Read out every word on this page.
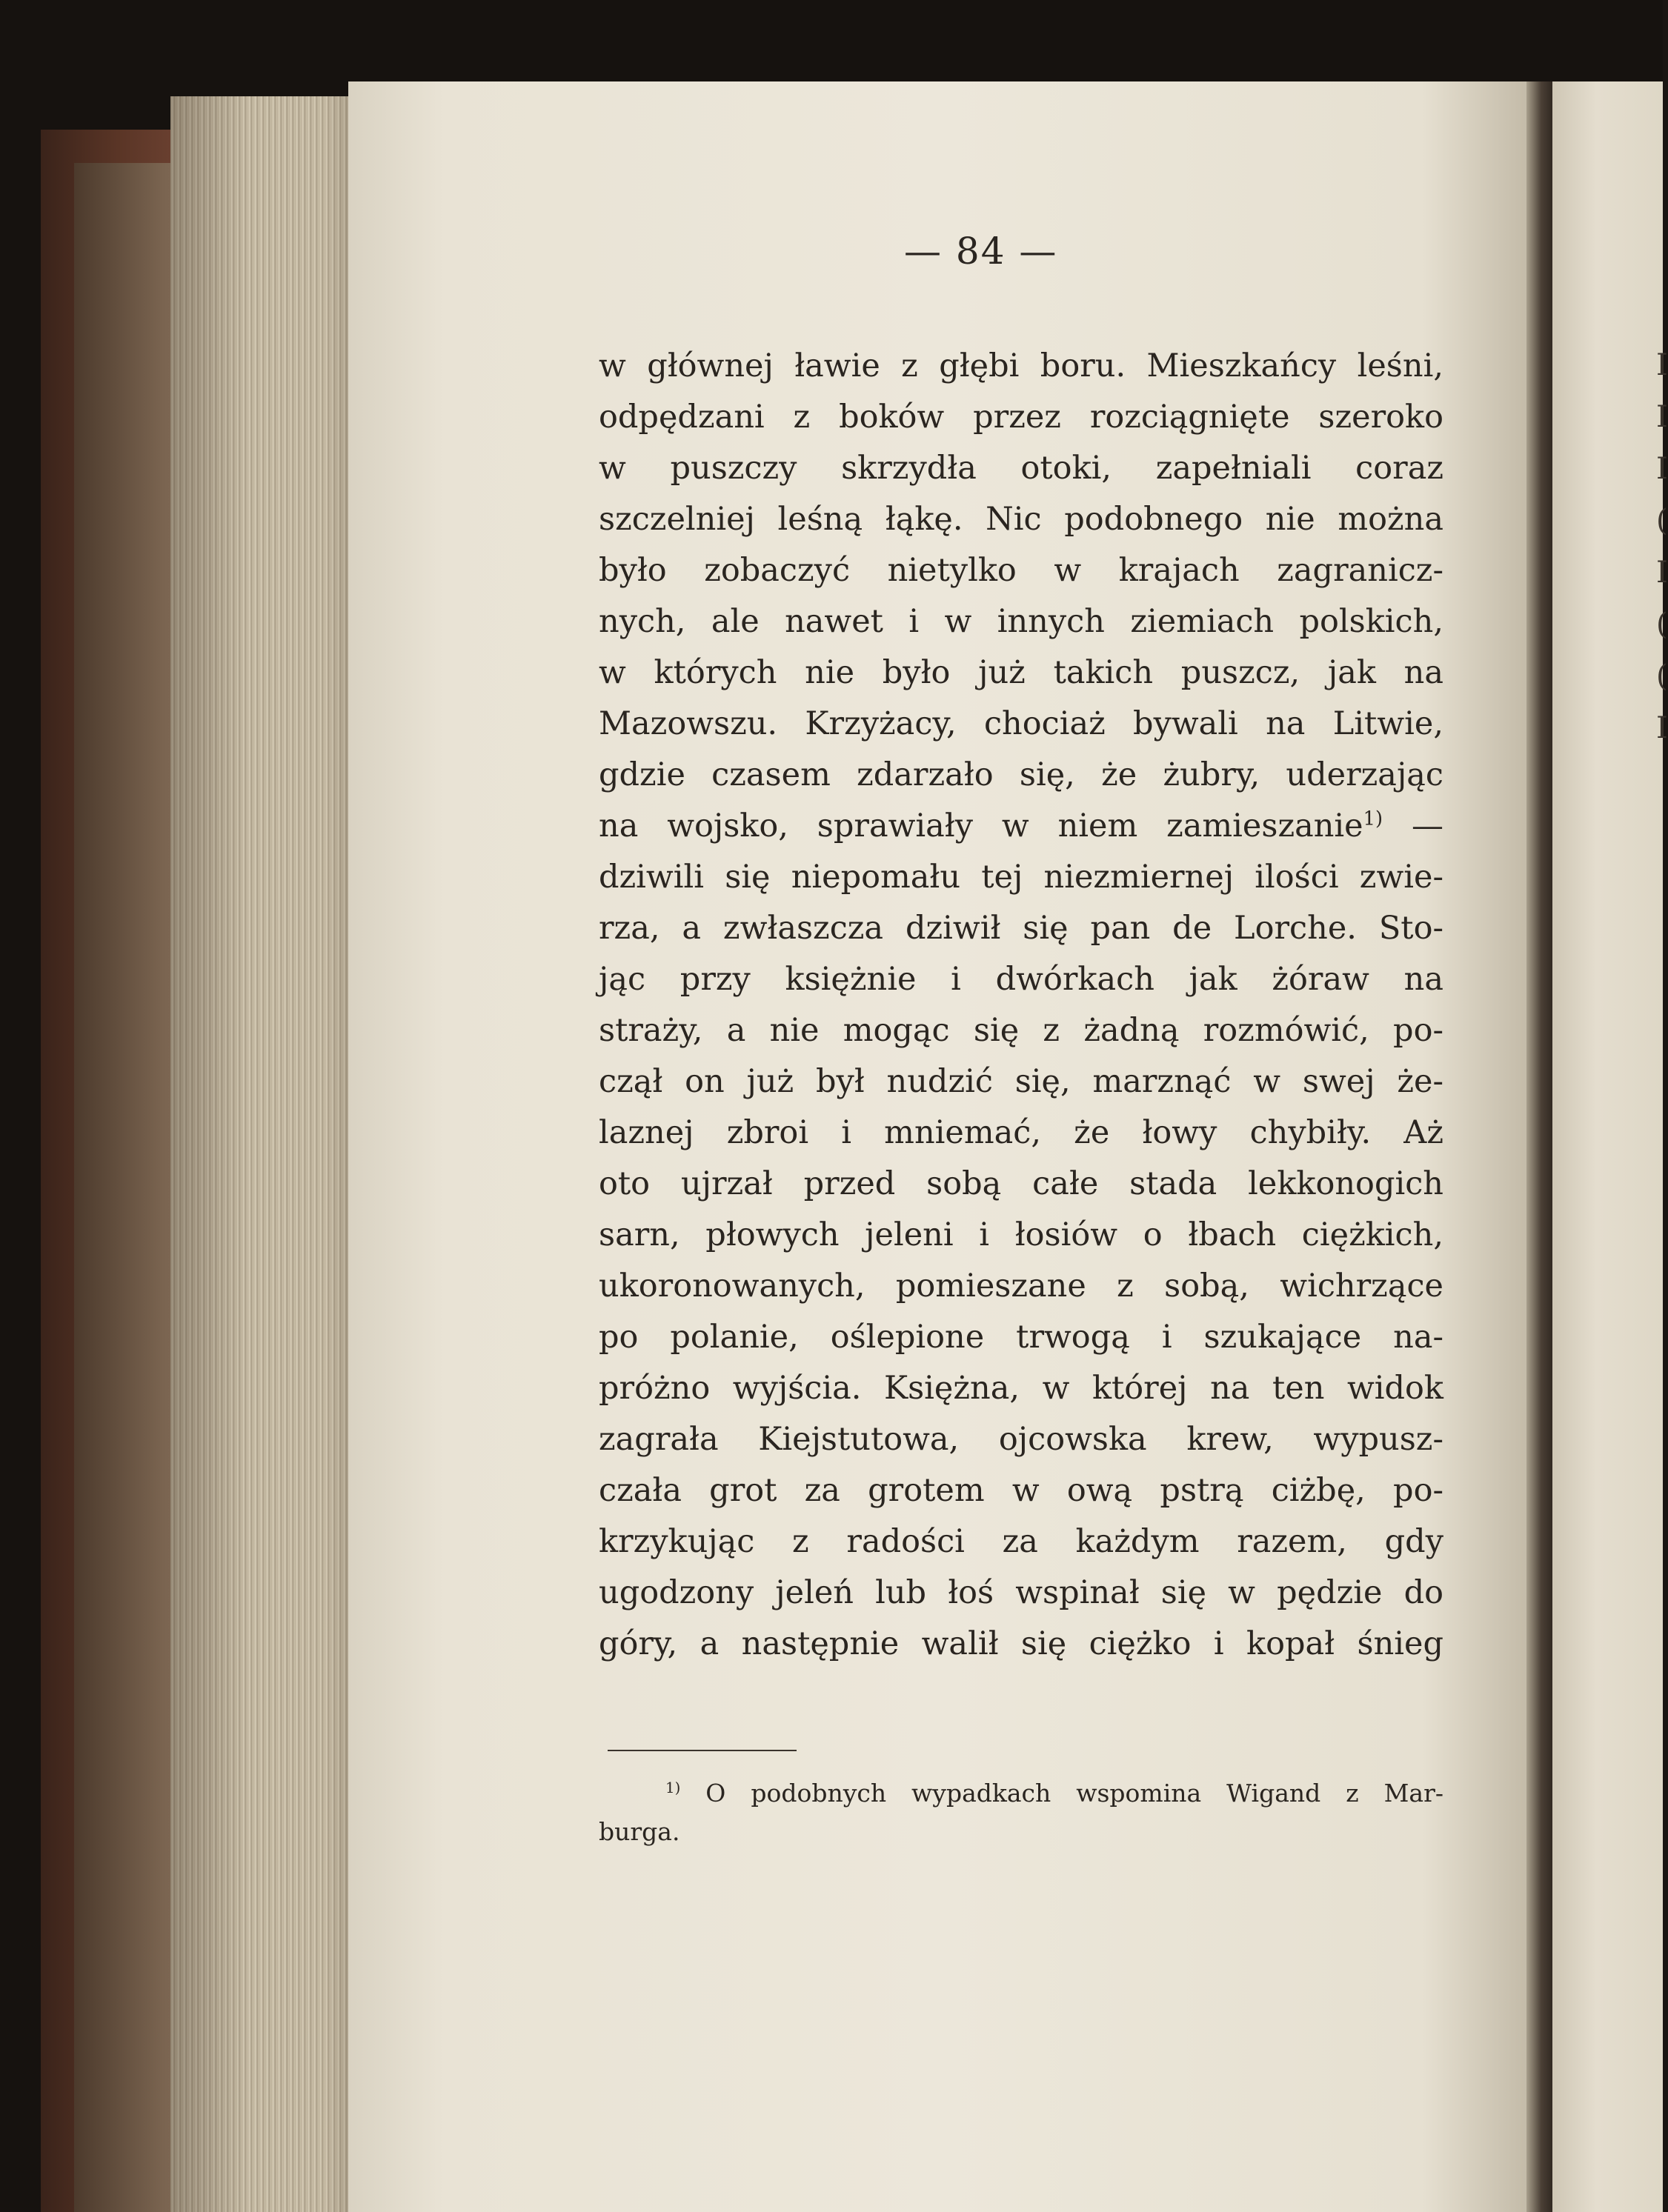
— 84 —
w głównej ławie z głębi boru. Mieszkańcy leśni,
odpędzani z boków przez rozciągnięte szeroko
w puszczy skrzydła otoki, zapełniali coraz
szczelniej leśną łąkę. Nic podobnego nie można
było zobaczyć nietylko w krajach zagranicz-
nych, ale nawet i w innych ziemiach polskich,
w których nie było już takich puszcz, jak na
Mazowszu. Krzyżacy, chociaż bywali na Litwie,
gdzie czasem zdarzało się, że żubry, uderzając
na wojsko, sprawiały w niem zamieszanie$^{1)}$ —
dziwili się niepomału tej niezmiernej ilości zwie-
rza, a zwłaszcza dziwił się pan de Lorche. Sto-
jąc przy księżnie i dwórkach jak żóraw na
straży, a nie mogąc się z żadną rozmówić, po-
czął on już był nudzić się, marznąć w swej że-
laznej zbroi i mniemać, że łowy chybiły. Aż
oto ujrzał przed sobą całe stada lekkonogich
sarn, płowych jeleni i łosiów o łbach ciężkich,
ukoronowanych, pomieszane z sobą, wichrzące
po polanie, oślepione trwogą i szukające na-
próżno wyjścia. Księżna, w której na ten widok
zagrała Kiejstutowa, ojcowska krew, wypusz-
czała grot za grotem w ową pstrą ciżbę, po-
krzykując z radości za każdym razem, gdy
ugodzony jeleń lub łoś wspinał się w pędzie do
góry, a następnie walił się ciężko i kopał śnieg
$^{1)}$ O podobnych wypadkach wspomina Wigand z Mar-
burga.
I
I
I
(
I
(
(
I
